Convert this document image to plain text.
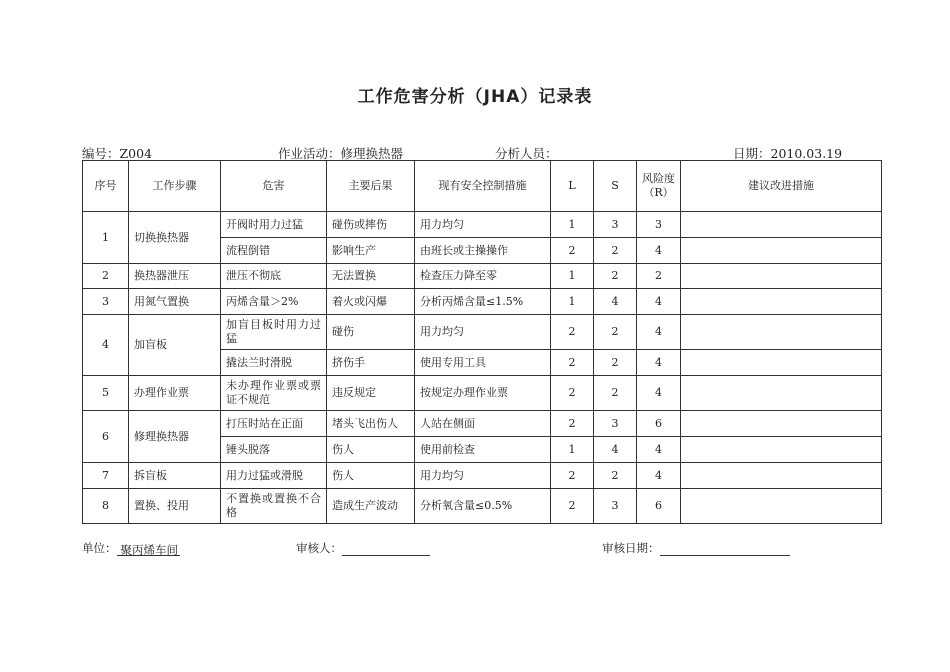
工作危害分析（JHA）记录表
编号：Z004	作业活动：修理换热器	分析人员：	日期：2010.03.19
序号	工作步骤	危害	主要后果	现有安全控制措施	L	S	风险度（R）	建议改进措施
1	切换换热器	开阀时用力过猛	碰伤或摔伤	用力均匀	1	3	3	
		流程倒错	影响生产	由班长或主操操作	2	2	4	
2	换热器泄压	泄压不彻底	无法置换	检查压力降至零	1	2	2	
3	用氮气置换	丙烯含量＞2%	着火或闪爆	分析丙烯含量≤1.5%	1	4	4	
4	加盲板	加盲目板时用力过猛	碰伤	用力均匀	2	2	4	
		撬法兰时滑脱	挤伤手	使用专用工具	2	2	4	
5	办理作业票	未办理作业票或票证不规范	违反规定	按规定办理作业票	2	2	4	
6	修理换热器	打压时站在正面	堵头飞出伤人	人站在侧面	2	3	6	
		锤头脱落	伤人	使用前检查	1	4	4	
7	拆盲板	用力过猛或滑脱	伤人	用力均匀	2	2	4	
8	置换、投用	不置换或置换不合格	造成生产波动	分析氧含量≤0.5%	2	3	6	
单位： 聚丙烯车间	审核人：	审核日期：
